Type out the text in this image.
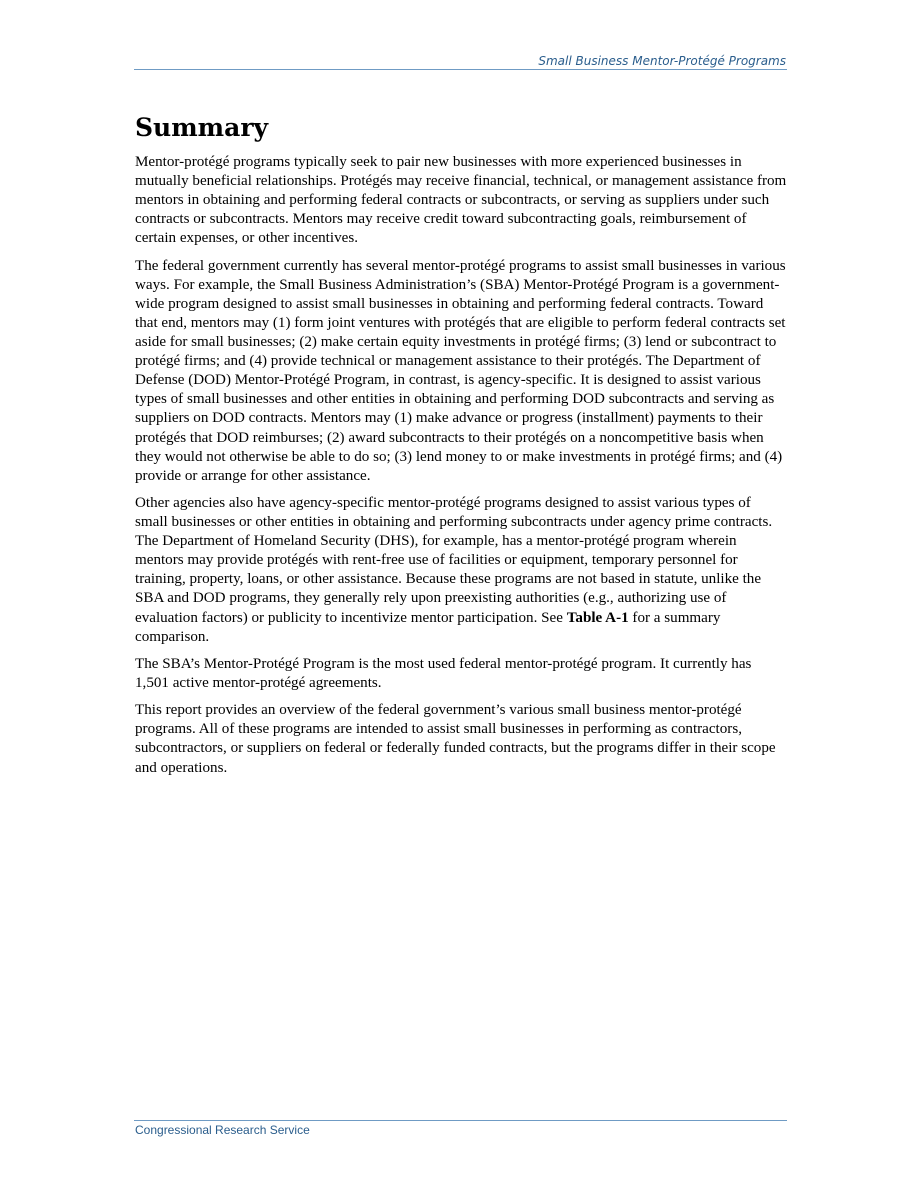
Small Business Mentor-Protégé Programs
Summary

Mentor-protégé programs typically seek to pair new businesses with more experienced businesses in mutually beneficial relationships. Protégés may receive financial, technical, or management assistance from mentors in obtaining and performing federal contracts or subcontracts, or serving as suppliers under such contracts or subcontracts. Mentors may receive credit toward subcontracting goals, reimbursement of certain expenses, or other incentives.

The federal government currently has several mentor-protégé programs to assist small businesses in various ways. For example, the Small Business Administration’s (SBA) Mentor-Protégé Program is a government-wide program designed to assist small businesses in obtaining and performing federal contracts. Toward that end, mentors may (1) form joint ventures with protégés that are eligible to perform federal contracts set aside for small businesses; (2) make certain equity investments in protégé firms; (3) lend or subcontract to protégé firms; and (4) provide technical or management assistance to their protégés. The Department of Defense (DOD) Mentor-Protégé Program, in contrast, is agency-specific. It is designed to assist various types of small businesses and other entities in obtaining and performing DOD subcontracts and serving as suppliers on DOD contracts. Mentors may (1) make advance or progress (installment) payments to their protégés that DOD reimburses; (2) award subcontracts to their protégés on a noncompetitive basis when they would not otherwise be able to do so; (3) lend money to or make investments in protégé firms; and (4) provide or arrange for other assistance.

Other agencies also have agency-specific mentor-protégé programs designed to assist various types of small businesses or other entities in obtaining and performing subcontracts under agency prime contracts. The Department of Homeland Security (DHS), for example, has a mentor-protégé program wherein mentors may provide protégés with rent-free use of facilities or equipment, temporary personnel for training, property, loans, or other assistance. Because these programs are not based in statute, unlike the SBA and DOD programs, they generally rely upon preexisting authorities (e.g., authorizing use of evaluation factors) or publicity to incentivize mentor participation. See Table A-1 for a summary comparison.

The SBA’s Mentor-Protégé Program is the most used federal mentor-protégé program. It currently has 1,501 active mentor-protégé agreements.

This report provides an overview of the federal government’s various small business mentor-protégé programs. All of these programs are intended to assist small businesses in performing as contractors, subcontractors, or suppliers on federal or federally funded contracts, but the programs differ in their scope and operations.

Congressional Research Service
